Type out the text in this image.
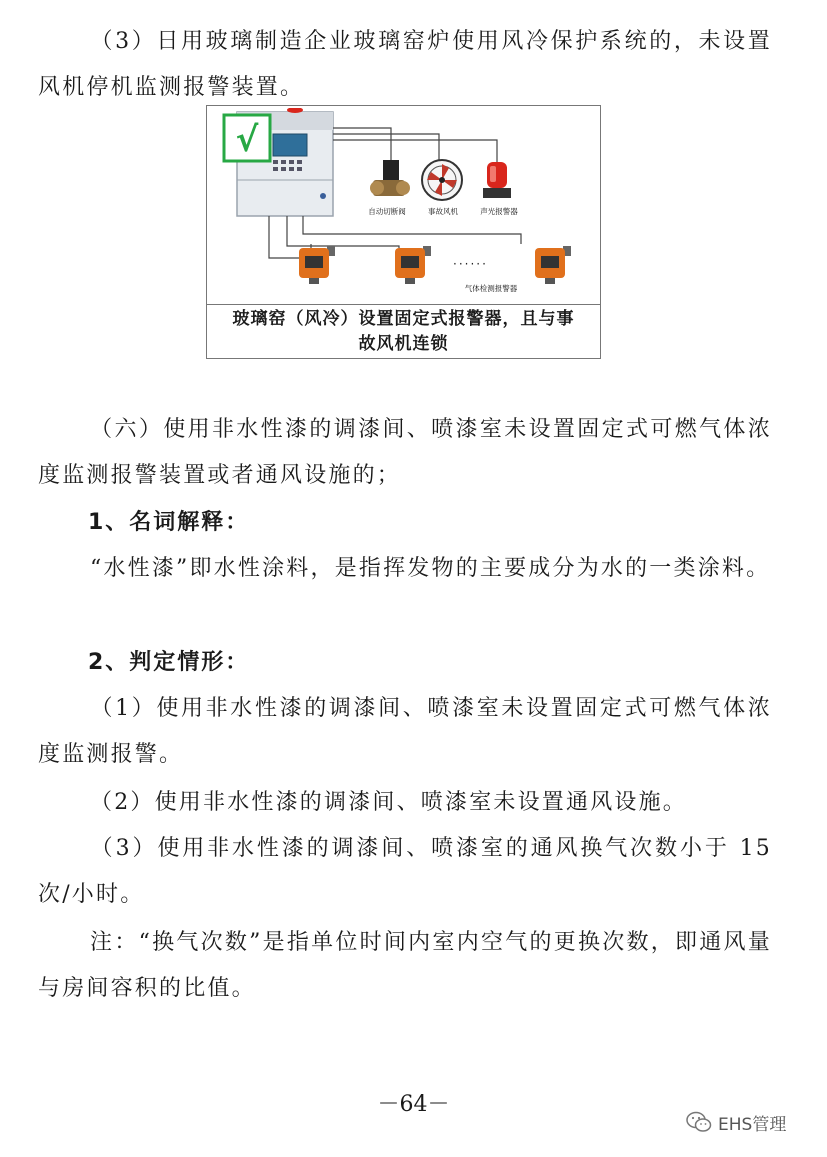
（3）日用玻璃制造企业玻璃窑炉使用风冷保护系统的，未设置风机停机监测报警装置。

√
自动切断阀	事故风机	声光报警器
······
气体检测报警器
玻璃窑（风冷）设置固定式报警器，且与事
故风机连锁

（六）使用非水性漆的调漆间、喷漆室未设置固定式可燃气体浓度监测报警装置或者通风设施的；

1、名词解释：

“水性漆”即水性涂料，是指挥发物的主要成分为水的一类涂料。

2、判定情形：

（1）使用非水性漆的调漆间、喷漆室未设置固定式可燃气体浓度监测报警。

（2）使用非水性漆的调漆间、喷漆室未设置通风设施。

（3）使用非水性漆的调漆间、喷漆室的通风换气次数小于 15次/小时。

注：“换气次数”是指单位时间内室内空气的更换次数，即通风量与房间容积的比值。

－64－
EHS管理
